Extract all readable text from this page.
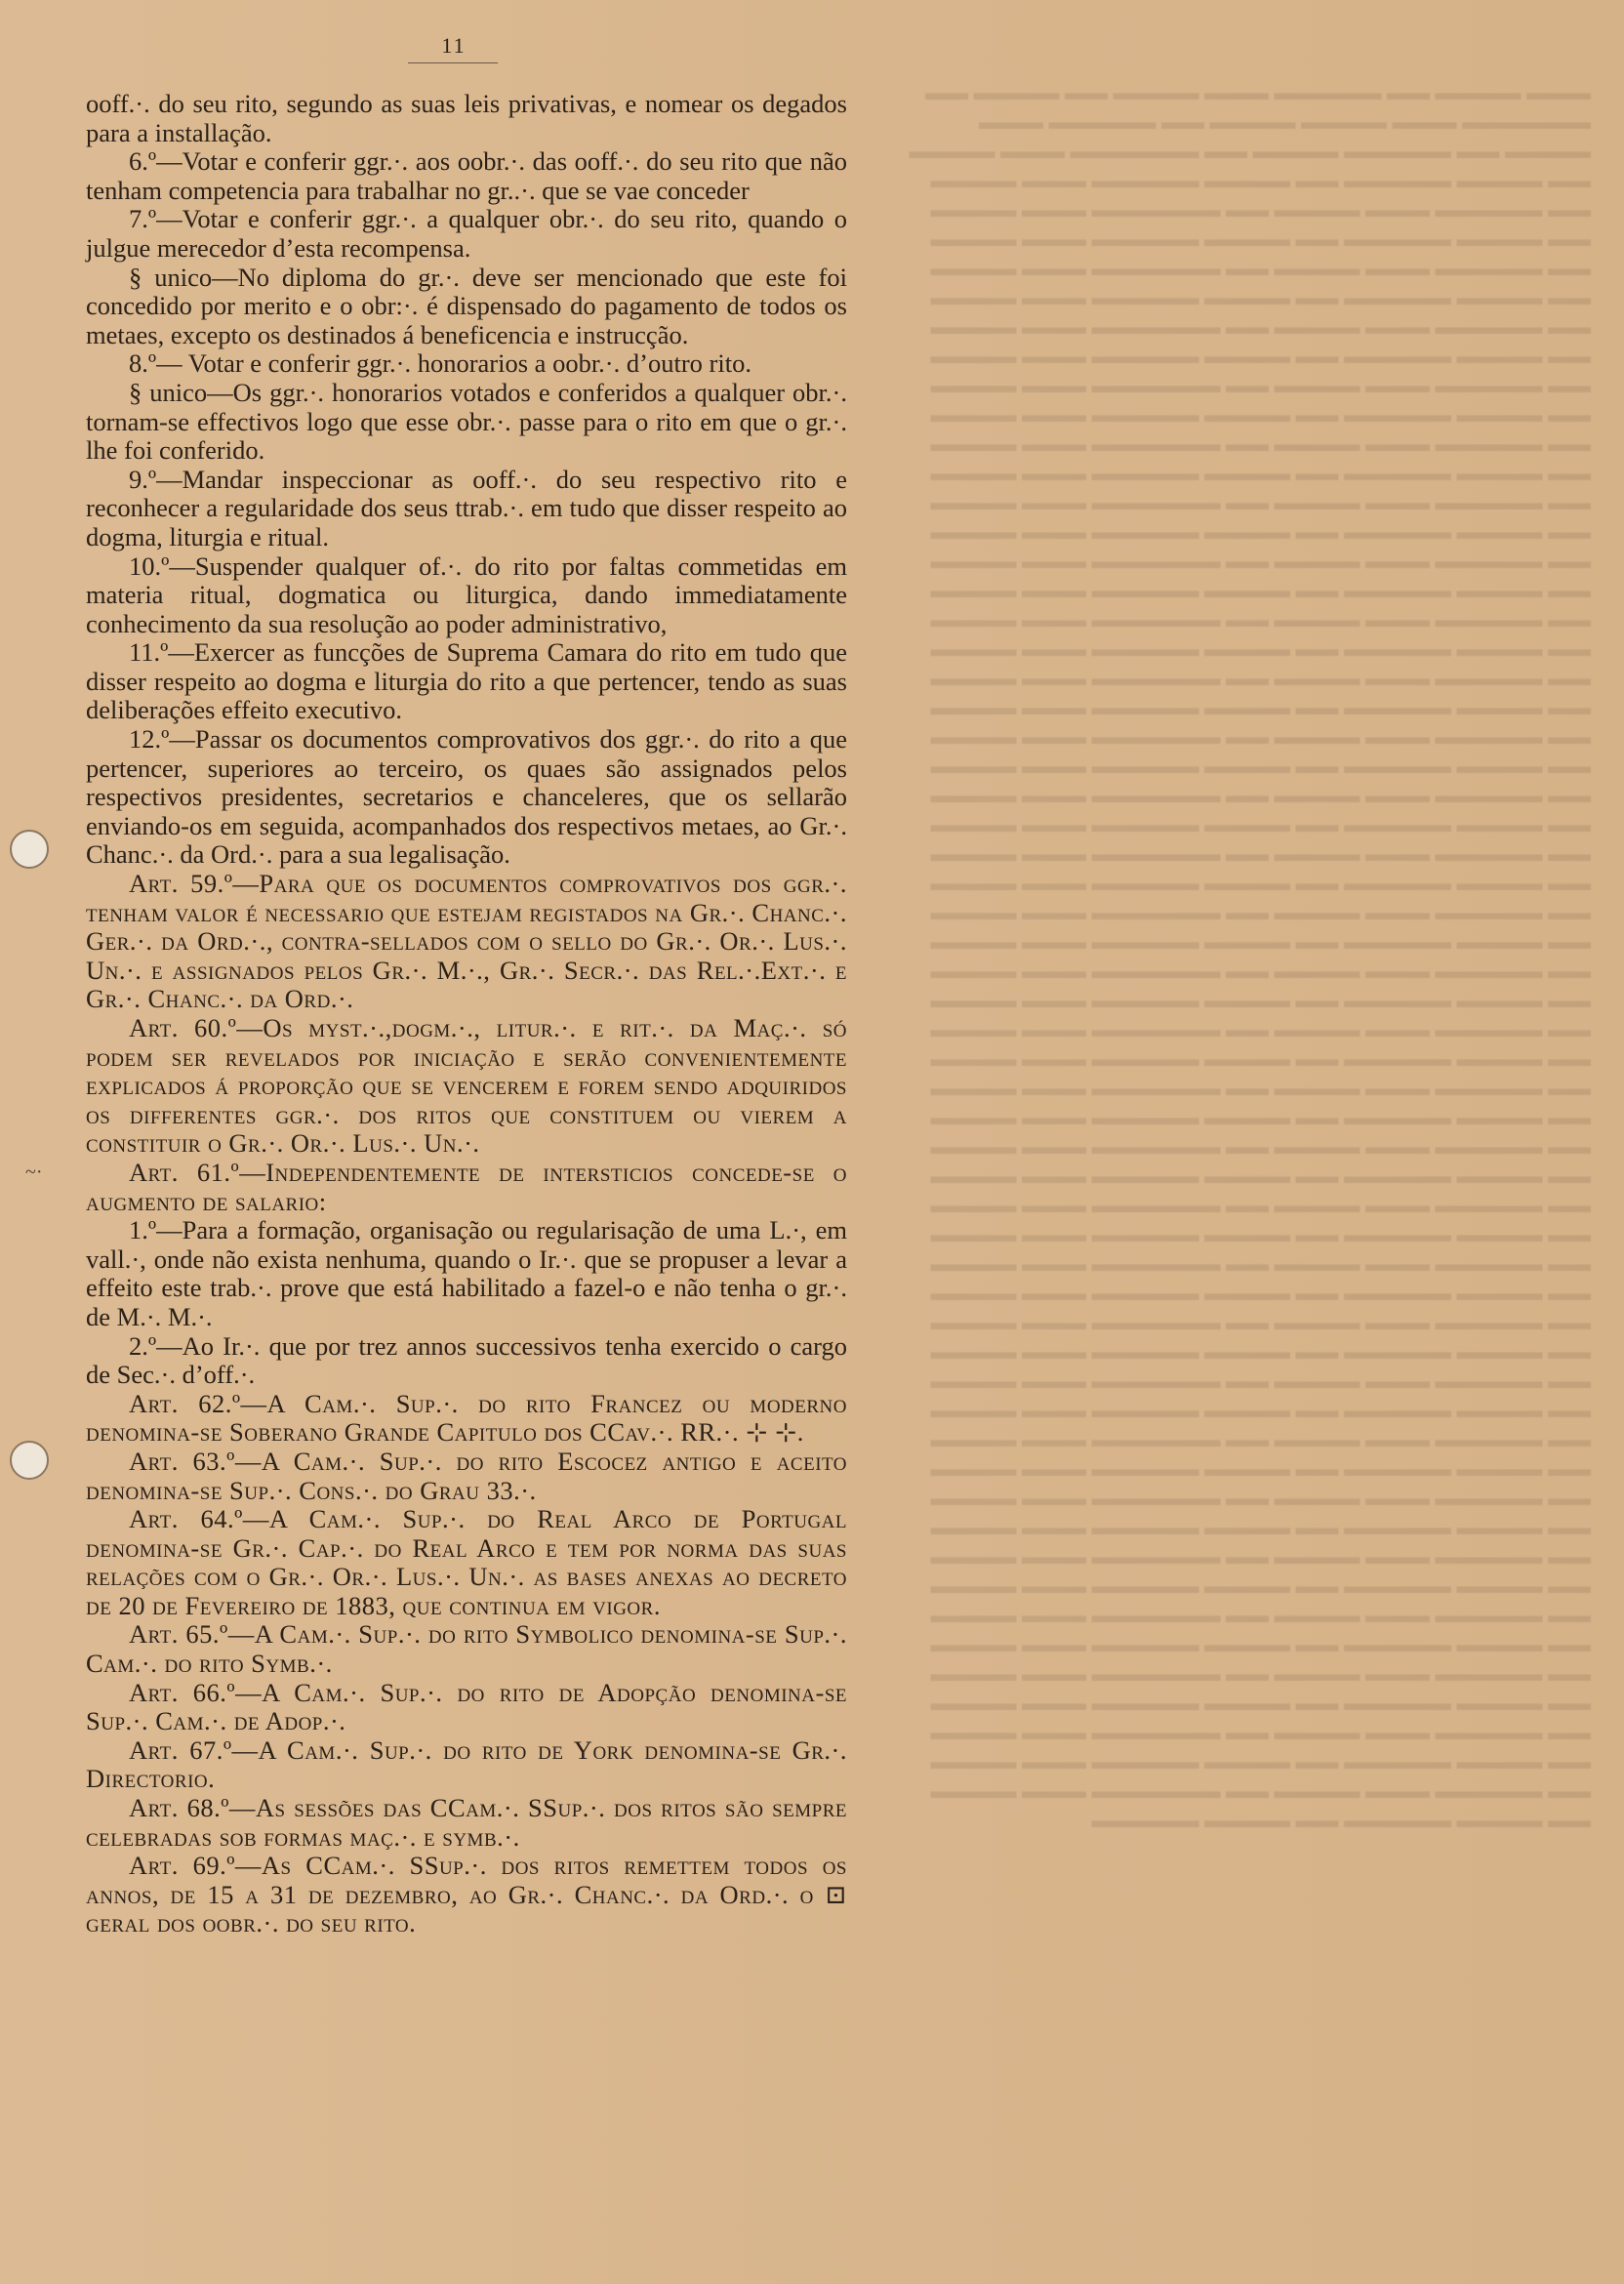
▬▬▬ ▬▬▬▬ ▬▬ ▬▬▬▬▬ ▬▬▬ ▬▬▬▬ ▬▬ ▬▬▬▬ ▬▬ ▬▬▬▬▬▬ ▬▬▬ ▬▬▬▬ ▬▬▬▬ ▬▬ ▬▬▬▬▬ ▬▬▬ ▬▬▬▬ ▬▬ ▬▬▬▬▬ ▬▬▬▬ ▬▬ ▬▬▬▬▬▬ ▬▬▬ ▬▬▬▬ ▬▬ ▬▬▬▬ ▬▬▬▬▬ ▬▬ ▬▬▬▬ ▬▬▬▬▬ ▬▬▬ ▬▬▬▬ ▬▬ ▬▬▬▬▬ ▬▬▬ ▬▬▬▬ ▬▬ ▬▬▬▬▬▬ ▬▬▬ ▬▬▬▬ ▬▬ ▬▬▬▬ ▬▬▬▬▬ ▬▬ ▬▬▬▬ ▬▬▬▬▬ ▬▬▬ ▬▬▬▬ ▬▬ ▬▬▬▬▬ ▬▬▬ ▬▬▬▬ ▬▬ ▬▬▬▬▬▬ ▬▬▬ ▬▬▬▬ ▬▬ ▬▬▬▬ ▬▬▬▬▬ ▬▬ ▬▬▬▬ ▬▬▬▬▬ ▬▬▬ ▬▬▬▬ ▬▬ ▬▬▬▬▬ ▬▬▬ ▬▬▬▬ ▬▬ ▬▬▬▬▬▬ ▬▬▬ ▬▬▬▬ ▬▬ ▬▬▬▬ ▬▬▬▬▬ ▬▬ ▬▬▬▬ ▬▬▬▬▬ ▬▬▬ ▬▬▬▬ ▬▬ ▬▬▬▬▬ ▬▬▬ ▬▬▬▬ ▬▬ ▬▬▬▬▬▬ ▬▬▬ ▬▬▬▬ ▬▬ ▬▬▬▬ ▬▬▬▬▬ ▬▬ ▬▬▬▬ ▬▬▬▬▬ ▬▬▬ ▬▬▬▬ ▬▬ ▬▬▬▬▬ ▬▬▬ ▬▬▬▬ ▬▬ ▬▬▬▬▬▬ ▬▬▬ ▬▬▬▬ ▬▬ ▬▬▬▬ ▬▬▬▬▬ ▬▬ ▬▬▬▬ ▬▬▬▬▬ ▬▬▬ ▬▬▬▬ ▬▬ ▬▬▬▬▬ ▬▬▬ ▬▬▬▬ ▬▬ ▬▬▬▬▬▬ ▬▬▬ ▬▬▬▬ ▬▬ ▬▬▬▬ ▬▬▬▬▬ ▬▬ ▬▬▬▬ ▬▬▬▬▬ ▬▬▬ ▬▬▬▬ ▬▬ ▬▬▬▬▬ ▬▬▬ ▬▬▬▬ ▬▬ ▬▬▬▬▬▬ ▬▬▬ ▬▬▬▬ ▬▬ ▬▬▬▬ ▬▬▬▬▬ ▬▬ ▬▬▬▬ ▬▬▬▬▬ ▬▬▬ ▬▬▬▬ ▬▬ ▬▬▬▬▬ ▬▬▬ ▬▬▬▬ ▬▬ ▬▬▬▬▬▬ ▬▬▬ ▬▬▬▬ ▬▬ ▬▬▬▬ ▬▬▬▬▬ ▬▬ ▬▬▬▬ ▬▬▬▬▬ ▬▬▬ ▬▬▬▬ ▬▬ ▬▬▬▬▬ ▬▬▬ ▬▬▬▬ ▬▬ ▬▬▬▬▬▬ ▬▬▬ ▬▬▬▬ ▬▬ ▬▬▬▬ ▬▬▬▬▬ ▬▬ ▬▬▬▬ ▬▬▬▬▬ ▬▬▬ ▬▬▬▬ ▬▬ ▬▬▬▬▬ ▬▬▬ ▬▬▬▬ ▬▬ ▬▬▬▬▬▬ ▬▬▬ ▬▬▬▬ ▬▬ ▬▬▬▬ ▬▬▬▬▬ ▬▬ ▬▬▬▬ ▬▬▬▬▬ ▬▬▬ ▬▬▬▬ ▬▬ ▬▬▬▬▬ ▬▬▬ ▬▬▬▬ ▬▬ ▬▬▬▬▬▬ ▬▬▬ ▬▬▬▬ ▬▬ ▬▬▬▬ ▬▬▬▬▬ ▬▬ ▬▬▬▬ ▬▬▬▬▬ ▬▬▬ ▬▬▬▬ ▬▬ ▬▬▬▬▬ ▬▬▬ ▬▬▬▬ ▬▬ ▬▬▬▬▬▬ ▬▬▬ ▬▬▬▬ ▬▬ ▬▬▬▬ ▬▬▬▬▬ ▬▬ ▬▬▬▬ ▬▬▬▬▬ ▬▬▬ ▬▬▬▬ ▬▬ ▬▬▬▬▬ ▬▬▬ ▬▬▬▬ ▬▬ ▬▬▬▬▬▬ ▬▬▬ ▬▬▬▬ ▬▬ ▬▬▬▬ ▬▬▬▬▬ ▬▬ ▬▬▬▬ ▬▬▬▬▬ ▬▬▬ ▬▬▬▬ ▬▬ ▬▬▬▬▬ ▬▬▬ ▬▬▬▬ ▬▬ ▬▬▬▬▬▬ ▬▬▬ ▬▬▬▬ ▬▬ ▬▬▬▬ ▬▬▬▬▬ ▬▬ ▬▬▬▬ ▬▬▬▬▬ ▬▬▬ ▬▬▬▬ ▬▬ ▬▬▬▬▬ ▬▬▬ ▬▬▬▬ ▬▬ ▬▬▬▬▬▬ ▬▬▬ ▬▬▬▬ ▬▬ ▬▬▬▬ ▬▬▬▬▬ ▬▬ ▬▬▬▬ ▬▬▬▬▬ ▬▬▬ ▬▬▬▬ ▬▬ ▬▬▬▬▬ ▬▬▬ ▬▬▬▬ ▬▬ ▬▬▬▬▬▬ ▬▬▬ ▬▬▬▬ ▬▬ ▬▬▬▬ ▬▬▬▬▬ ▬▬ ▬▬▬▬ ▬▬▬▬▬ ▬▬▬ ▬▬▬▬ ▬▬ ▬▬▬▬▬ ▬▬▬ ▬▬▬▬ ▬▬ ▬▬▬▬▬▬ ▬▬▬ ▬▬▬▬ ▬▬ ▬▬▬▬ ▬▬▬▬▬ ▬▬ ▬▬▬▬ ▬▬▬▬▬ ▬▬▬ ▬▬▬▬ ▬▬ ▬▬▬▬▬ ▬▬▬ ▬▬▬▬ ▬▬ ▬▬▬▬▬▬ ▬▬▬ ▬▬▬▬ ▬▬ ▬▬▬▬ ▬▬▬▬▬ ▬▬ ▬▬▬▬ ▬▬▬▬▬ ▬▬▬ ▬▬▬▬ ▬▬ ▬▬▬▬▬ ▬▬▬ ▬▬▬▬ ▬▬ ▬▬▬▬▬▬ ▬▬▬ ▬▬▬▬ ▬▬ ▬▬▬▬ ▬▬▬▬▬ ▬▬ ▬▬▬▬ ▬▬▬▬▬ ▬▬▬ ▬▬▬▬ ▬▬ ▬▬▬▬▬ ▬▬▬ ▬▬▬▬ ▬▬ ▬▬▬▬▬▬ ▬▬▬ ▬▬▬▬ ▬▬ ▬▬▬▬ ▬▬▬▬▬ ▬▬ ▬▬▬▬ ▬▬▬▬▬ ▬▬▬ ▬▬▬▬ ▬▬ ▬▬▬▬▬ ▬▬▬ ▬▬▬▬ ▬▬ ▬▬▬▬▬▬ ▬▬▬ ▬▬▬▬ ▬▬ ▬▬▬▬ ▬▬▬▬▬ ▬▬ ▬▬▬▬ ▬▬▬▬▬ ▬▬▬ ▬▬▬▬ ▬▬ ▬▬▬▬▬ ▬▬▬ ▬▬▬▬ ▬▬ ▬▬▬▬▬▬ ▬▬▬ ▬▬▬▬ ▬▬ ▬▬▬▬ ▬▬▬▬▬ ▬▬ ▬▬▬▬ ▬▬▬▬▬ ▬▬▬ ▬▬▬▬ ▬▬ ▬▬▬▬▬ ▬▬▬ ▬▬▬▬ ▬▬ ▬▬▬▬▬▬ ▬▬▬ ▬▬▬▬ ▬▬ ▬▬▬▬ ▬▬▬▬▬ ▬▬ ▬▬▬▬ ▬▬▬▬▬ ▬▬▬ ▬▬▬▬ ▬▬ ▬▬▬▬▬ ▬▬▬ ▬▬▬▬ ▬▬ ▬▬▬▬▬▬ ▬▬▬ ▬▬▬▬ ▬▬ ▬▬▬▬ ▬▬▬▬▬ ▬▬ ▬▬▬▬ ▬▬▬▬▬ ▬▬▬ ▬▬▬▬ ▬▬ ▬▬▬▬▬ ▬▬▬ ▬▬▬▬ ▬▬ ▬▬▬▬▬▬ ▬▬▬ ▬▬▬▬ ▬▬ ▬▬▬▬ ▬▬▬▬▬ ▬▬ ▬▬▬▬ ▬▬▬▬▬ ▬▬▬ ▬▬▬▬ ▬▬ ▬▬▬▬▬ ▬▬▬ ▬▬▬▬ ▬▬ ▬▬▬▬▬▬ ▬▬▬ ▬▬▬▬ ▬▬ ▬▬▬▬ ▬▬▬▬▬ ▬▬ ▬▬▬▬ ▬▬▬▬▬ ▬▬▬ ▬▬▬▬ ▬▬ ▬▬▬▬▬ ▬▬▬ ▬▬▬▬ ▬▬ ▬▬▬▬▬▬ ▬▬▬ ▬▬▬▬ ▬▬ ▬▬▬▬ ▬▬▬▬▬ ▬▬ ▬▬▬▬ ▬▬▬▬▬ ▬▬▬ ▬▬▬▬ ▬▬ ▬▬▬▬▬ ▬▬▬ ▬▬▬▬ ▬▬ ▬▬▬▬▬▬ ▬▬▬ ▬▬▬▬ ▬▬ ▬▬▬▬ ▬▬▬▬▬ ▬▬ ▬▬▬▬ ▬▬▬▬▬
11
~·

ooff.·. do seu rito, segundo as suas leis privativas, e nomear os degados para a installação.

6.º—Votar e conferir ggr.·. aos oobr.·. das ooff.·. do seu rito que não tenham competencia para trabalhar no gr..·. que se vae conceder

7.º—Votar e conferir ggr.·. a qualquer obr.·. do seu rito, quando o julgue merecedor d’esta recompensa.

§ unico—No diploma do gr.·. deve ser mencionado que este foi concedido por merito e o obr:·. é dispensado do pagamento de todos os metaes, excepto os destinados á beneficencia e instrucção.

8.º— Votar e conferir ggr.·. honorarios a oobr.·. d’outro rito.

§ unico—Os ggr.·. honorarios votados e conferidos a qualquer obr.·. tornam-se effectivos logo que esse obr.·. passe para o rito em que o gr.·. lhe foi conferido.

9.º—Mandar inspeccionar as ooff.·. do seu respectivo rito e reconhecer a regularidade dos seus ttrab.·. em tudo que disser respeito ao dogma, liturgia e ritual.

10.º—Suspender qualquer of.·. do rito por faltas commetidas em materia ritual, dogmatica ou liturgica, dando immediatamente conhecimento da sua resolução ao poder administrativo,

11.º—Exercer as funcções de Suprema Camara do rito em tudo que disser respeito ao dogma e liturgia do rito a que pertencer, tendo as suas deliberações effeito executivo.

12.º—Passar os documentos comprovativos dos ggr.·. do rito a que pertencer, superiores ao terceiro, os quaes são assignados pelos respectivos presidentes, secretarios e chanceleres, que os sellarão enviando-os em seguida, acompanhados dos respectivos metaes, ao Gr.·. Chanc.·. da Ord.·. para a sua legalisação.

Art. 59.º—Para que os documentos comprovativos dos ggr.·. tenham valor é necessario que estejam registados na Gr.·. Chanc.·. Ger.·. da Ord.·., contra-sellados com o sello do Gr.·. Or.·. Lus.·. Un.·. e assignados pelos Gr.·. M.·., Gr.·. Secr.·. das Rel.·.Ext.·. e Gr.·. Chanc.·. da Ord.·.

Art. 60.º—Os myst.·.,dogm.·., litur.·. e rit.·. da Maç.·. só podem ser revelados por iniciação e serão convenientemente explicados á proporção que se vencerem e forem sendo adquiridos os differentes ggr.·. dos ritos que constituem ou vierem a constituir o Gr.·. Or.·. Lus.·. Un.·.

Art. 61.º—Independentemente de intersticios concede-se o augmento de salario:

1.º—Para a formação, organisação ou regularisação de uma L.·, em vall.·, onde não exista nenhuma, quando o Ir.·. que se propuser a levar a effeito este trab.·. prove que está habilitado a fazel-o e não tenha o gr.·. de M.·. M.·.

2.º—Ao Ir.·. que por trez annos successivos tenha exercido o cargo de Sec.·. d’off.·.

Art. 62.º—A Cam.·. Sup.·. do rito Francez ou moderno denomina-se Soberano Grande Capitulo dos CCav.·. RR.·. ⊹ ⊹.

Art. 63.º—A Cam.·. Sup.·. do rito Escocez antigo e aceito denomina-se Sup.·. Cons.·. do Grau 33.·.

Art. 64.º—A Cam.·. Sup.·. do Real Arco de Portugal denomina-se Gr.·. Cap.·. do Real Arco e tem por norma das suas relações com o Gr.·. Or.·. Lus.·. Un.·. as bases anexas ao decreto de 20 de Fevereiro de 1883, que continua em vigor.

Art. 65.º—A Cam.·. Sup.·. do rito Symbolico denomina-se Sup.·. Cam.·. do rito Symb.·.

Art. 66.º—A Cam.·. Sup.·. do rito de Adopção denomina-se Sup.·. Cam.·. de Adop.·.

Art. 67.º—A Cam.·. Sup.·. do rito de York denomina-se Gr.·. Directorio.

Art. 68.º—As sessões das CCam.·. SSup.·. dos ritos são sempre celebradas sob formas maç.·. e symb.·.

Art. 69.º—As CCam.·. SSup.·. dos ritos remettem todos os annos, de 15 a 31 de dezembro, ao Gr.·. Chanc.·. da Ord.·. o ⊡ geral dos oobr.·. do seu rito.
